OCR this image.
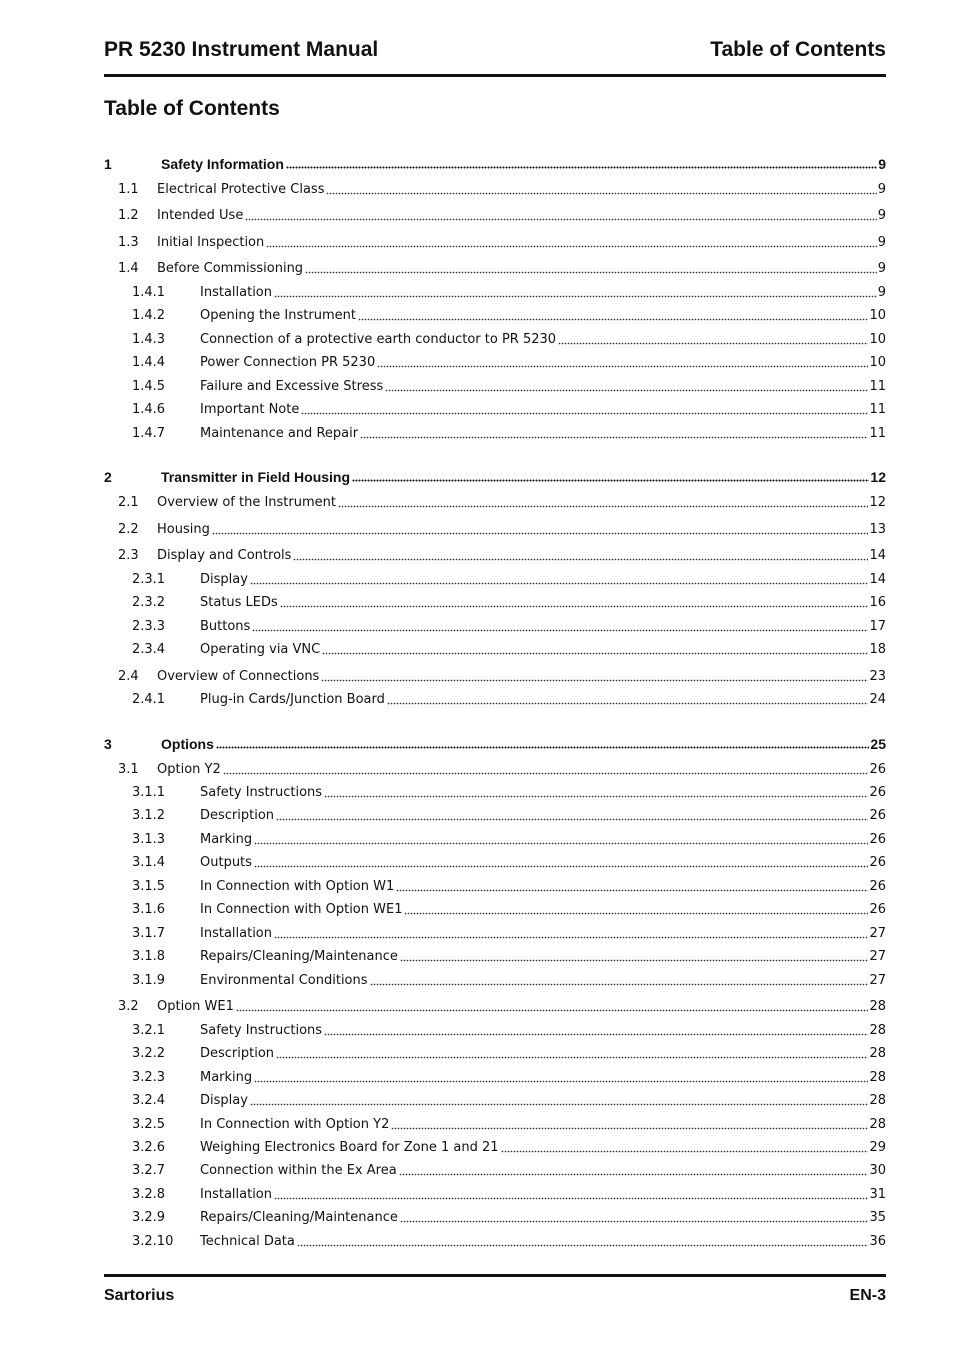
PR 5230 Instrument Manual	Table of Contents
Table of Contents
1	Safety Information	9
1.1	Electrical Protective Class	9
1.2	Intended Use	9
1.3	Initial Inspection	9
1.4	Before Commissioning	9
1.4.1	Installation	9
1.4.2	Opening the Instrument	10
1.4.3	Connection of a protective earth conductor to PR 5230	10
1.4.4	Power Connection PR 5230	10
1.4.5	Failure and Excessive Stress	11
1.4.6	Important Note	11
1.4.7	Maintenance and Repair	11
2	Transmitter in Field Housing	12
2.1	Overview of the Instrument	12
2.2	Housing	13
2.3	Display and Controls	14
2.3.1	Display	14
2.3.2	Status LEDs	16
2.3.3	Buttons	17
2.3.4	Operating via VNC	18
2.4	Overview of Connections	23
2.4.1	Plug-in Cards/Junction Board	24
3	Options	25
3.1	Option Y2	26
3.1.1	Safety Instructions	26
3.1.2	Description	26
3.1.3	Marking	26
3.1.4	Outputs	26
3.1.5	In Connection with Option W1	26
3.1.6	In Connection with Option WE1	26
3.1.7	Installation	27
3.1.8	Repairs/Cleaning/Maintenance	27
3.1.9	Environmental Conditions	27
3.2	Option WE1	28
3.2.1	Safety Instructions	28
3.2.2	Description	28
3.2.3	Marking	28
3.2.4	Display	28
3.2.5	In Connection with Option Y2	28
3.2.6	Weighing Electronics Board for Zone 1 and 21	29
3.2.7	Connection within the Ex Area	30
3.2.8	Installation	31
3.2.9	Repairs/Cleaning/Maintenance	35
3.2.10	Technical Data	36
Sartorius	EN-3
